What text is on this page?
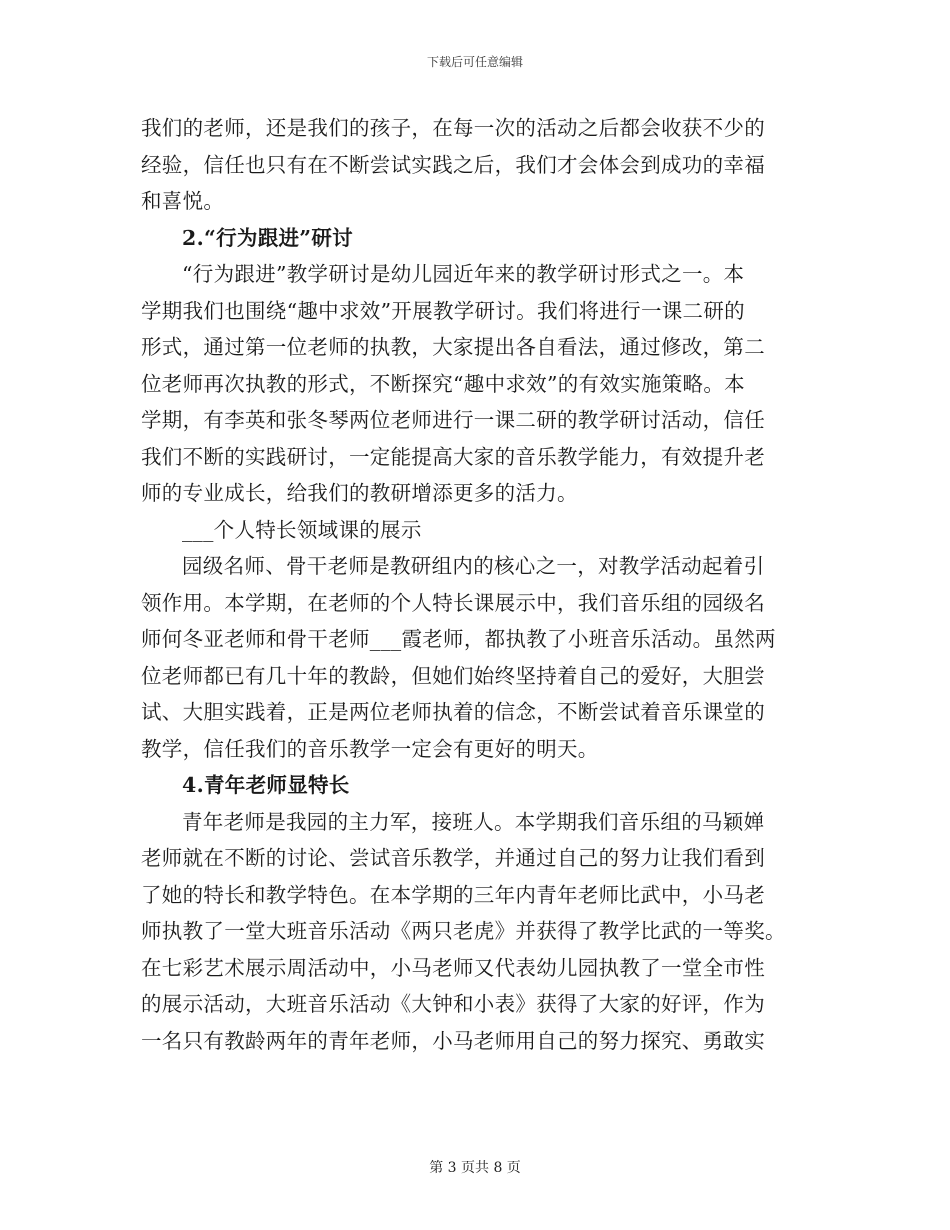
下载后可任意编辑
我们的老师，还是我们的孩子，在每一次的活动之后都会收获不少的
经验，信任也只有在不断尝试实践之后，我们才会体会到成功的幸福
和喜悦。
2.“行为跟进”研讨
“行为跟进”教学研讨是幼儿园近年来的教学研讨形式之一。本
学期我们也围绕“趣中求效”开展教学研讨。我们将进行一课二研的
形式，通过第一位老师的执教，大家提出各自看法，通过修改，第二
位老师再次执教的形式，不断探究“趣中求效”的有效实施策略。本
学期，有李英和张冬琴两位老师进行一课二研的教学研讨活动，信任
我们不断的实践研讨，一定能提高大家的音乐教学能力，有效提升老
师的专业成长，给我们的教研增添更多的活力。
___个人特长领域课的展示
园级名师、骨干老师是教研组内的核心之一，对教学活动起着引
领作用。本学期，在老师的个人特长课展示中，我们音乐组的园级名
师何冬亚老师和骨干老师___霞老师，都执教了小班音乐活动。虽然两
位老师都已有几十年的教龄，但她们始终坚持着自己的爱好，大胆尝
试、大胆实践着，正是两位老师执着的信念，不断尝试着音乐课堂的
教学，信任我们的音乐教学一定会有更好的明天。
4.青年老师显特长
青年老师是我园的主力军，接班人。本学期我们音乐组的马颖婵
老师就在不断的讨论、尝试音乐教学，并通过自己的努力让我们看到
了她的特长和教学特色。在本学期的三年内青年老师比武中，小马老
师执教了一堂大班音乐活动《两只老虎》并获得了教学比武的一等奖。
在七彩艺术展示周活动中，小马老师又代表幼儿园执教了一堂全市性
的展示活动，大班音乐活动《大钟和小表》获得了大家的好评，作为
一名只有教龄两年的青年老师，小马老师用自己的努力探究、勇敢实
第 3 页共 8 页
